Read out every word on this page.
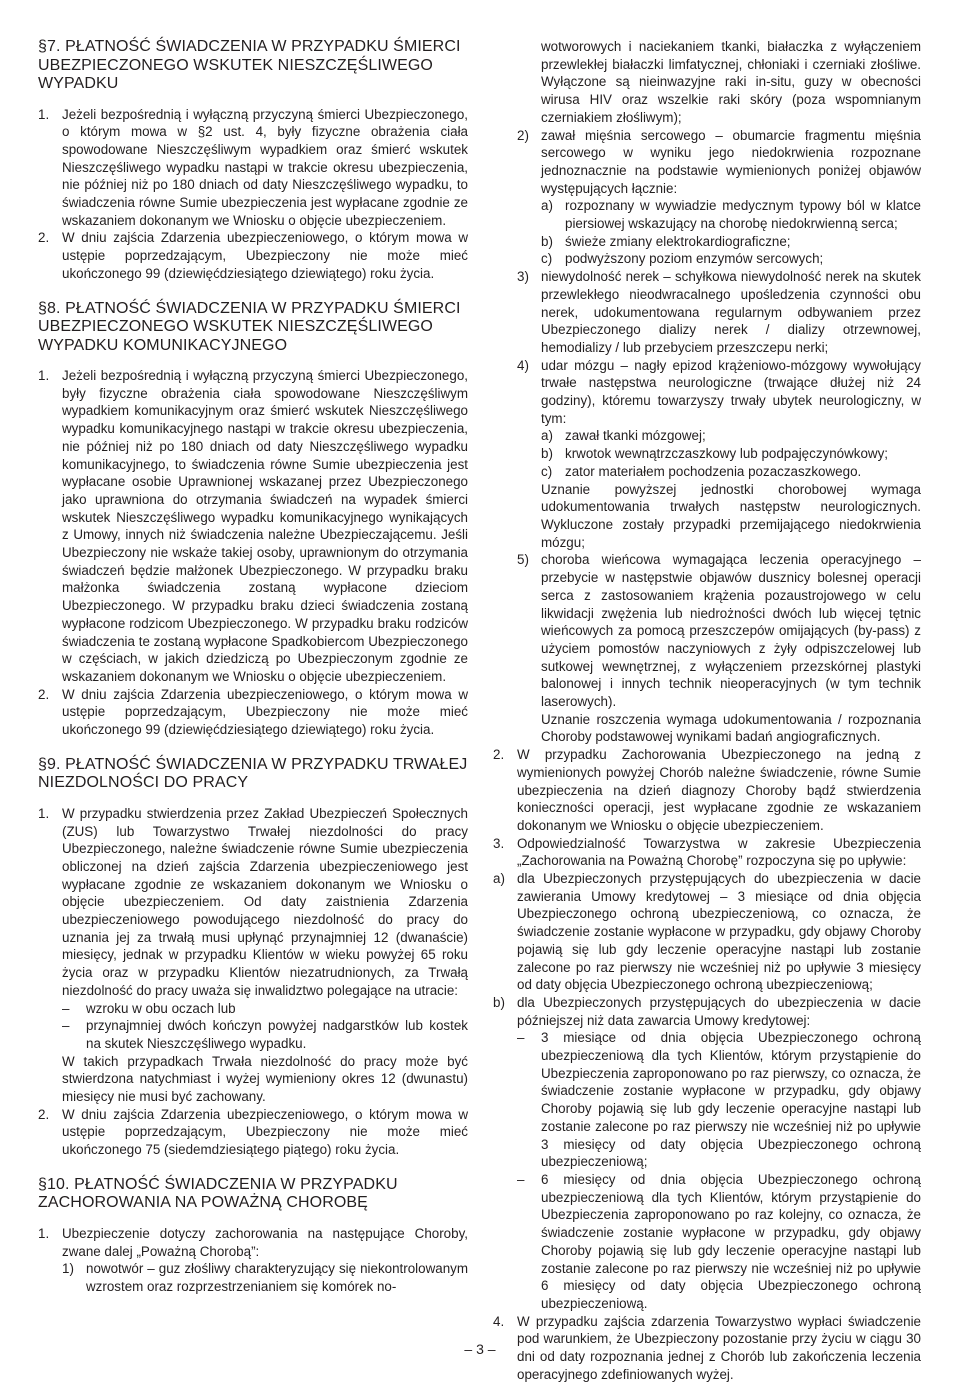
§7. PŁATNOŚĆ ŚWIADCZENIA W PRZYPADKU ŚMIERCI UBEZPIECZONEGO WSKUTEK NIESZCZĘŚLIWEGO WYPADKU
1. Jeżeli bezpośrednią i wyłączną przyczyną śmierci Ubezpieczonego, o którym mowa w §2 ust. 4, były fizyczne obrażenia ciała spowodowane Nieszczęśliwym wypadkiem oraz śmierć wskutek Nieszczęśliwego wypadku nastąpi w trakcie okresu ubezpieczenia, nie później niż po 180 dniach od daty Nieszczęśliwego wypadku, to świadczenia równe Sumie ubezpieczenia jest wypłacane zgodnie ze wskazaniem dokonanym we Wniosku o objęcie ubezpieczeniem.
2. W dniu zajścia Zdarzenia ubezpieczeniowego, o którym mowa w ustępie poprzedzającym, Ubezpieczony nie może mieć ukończonego 99 (dziewięćdziesiątego dziewiątego) roku życia.
§8. PŁATNOŚĆ ŚWIADCZENIA W PRZYPADKU ŚMIERCI UBEZPIECZONEGO WSKUTEK NIESZCZĘŚLIWEGO WYPADKU KOMUNIKACYJNEGO
1. Jeżeli bezpośrednią i wyłączną przyczyną śmierci Ubezpieczonego, były fizyczne obrażenia ciała spowodowane Nieszczęśliwym wypadkiem komunikacyjnym oraz śmierć wskutek Nieszczęśliwego wypadku komunikacyjnego nastąpi w trakcie okresu ubezpieczenia, nie później niż po 180 dniach od daty Nieszczęśliwego wypadku komunikacyjnego, to świadczenia równe Sumie ubezpieczenia jest wypłacane osobie Uprawnionej wskazanej przez Ubezpieczonego jako uprawniona do otrzymania świadczeń na wypadek śmierci wskutek Nieszczęśliwego wypadku komunikacyjnego wynikających z Umowy, innych niż świadczenia należne Ubezpieczającemu. Jeśli Ubezpieczony nie wskaże takiej osoby, uprawnionym do otrzymania świadczeń będzie małżonek Ubezpieczonego. W przypadku braku małżonka świadczenia zostaną wypłacone dzieciom Ubezpieczonego. W przypadku braku dzieci świadczenia zostaną wypłacone rodzicom Ubezpieczonego. W przypadku braku rodziców świadczenia te zostaną wypłacone Spadkobiercom Ubezpieczonego w częściach, w jakich dziedziczą po Ubezpieczonym zgodnie ze wskazaniem dokonanym we Wniosku o objęcie ubezpieczeniem.
2. W dniu zajścia Zdarzenia ubezpieczeniowego, o którym mowa w ustępie poprzedzającym, Ubezpieczony nie może mieć ukończonego 99 (dziewięćdziesiątego dziewiątego) roku życia.
§9. PŁATNOŚĆ ŚWIADCZENIA W PRZYPADKU TRWAŁEJ NIEZDOLNOŚCI DO PRACY
1. W przypadku stwierdzenia przez Zakład Ubezpieczeń Społecznych (ZUS) lub Towarzystwo Trwałej niezdolności do pracy Ubezpieczonego, należne świadczenie równe Sumie ubezpieczenia obliczonej na dzień zajścia Zdarzenia ubezpieczeniowego jest wypłacane zgodnie ze wskazaniem dokonanym we Wniosku o objęcie ubezpieczeniem. Od daty zaistnienia Zdarzenia ubezpieczeniowego powodującego niezdolność do pracy do uznania jej za trwałą musi upłynąć przynajmniej 12 (dwanaście) miesięcy, jednak w przypadku Klientów w wieku powyżej 65 roku życia oraz w przypadku Klientów niezatrudnionych, za Trwałą niezdolność do pracy uważa się inwalidztwo polegające na utracie:
– wzroku w obu oczach lub
– przynajmniej dwóch kończyn powyżej nadgarstków lub kostek na skutek Nieszczęśliwego wypadku.
W takich przypadkach Trwała niezdolność do pracy może być stwierdzona natychmiast i wyżej wymieniony okres 12 (dwunastu) miesięcy nie musi być zachowany.
2. W dniu zajścia Zdarzenia ubezpieczeniowego, o którym mowa w ustępie poprzedzającym, Ubezpieczony nie może mieć ukończonego 75 (siedemdziesiątego piątego) roku życia.
§10. PŁATNOŚĆ ŚWIADCZENIA W PRZYPADKU ZACHOROWANIA NA POWAŻNĄ CHOROBĘ
1. Ubezpieczenie dotyczy zachorowania na następujące Choroby, zwane dalej „Poważną Chorobą”:
1) nowotwór – guz złośliwy charakteryzujący się niekontrolowanym wzrostem oraz rozprzestrzenianiem się komórek no-
wotworowych i naciekaniem tkanki, białaczka z wyłączeniem przewlekłej białaczki limfatycznej, chłoniaki i czerniaki złośliwe. Wyłączone są nieinwazyjne raki in-situ, guzy w obecności wirusa HIV oraz wszelkie raki skóry (poza wspomnianym czerniakiem złośliwym);
2) zawał mięśnia sercowego – obumarcie fragmentu mięśnia sercowego w wyniku jego niedokrwienia rozpoznane jednoznacznie na podstawie wymienionych poniżej objawów występujących łącznie:
a) rozpoznany w wywiadzie medycznym typowy ból w klatce piersiowej wskazujący na chorobę niedokrwienną serca;
b) świeże zmiany elektrokardiograficzne;
c) podwyższony poziom enzymów sercowych;
3) niewydolność nerek – schyłkowa niewydolność nerek na skutek przewlekłego nieodwracalnego upośledzenia czynności obu nerek, udokumentowana regularnym odbywaniem przez Ubezpieczonego dializy nerek / dializy otrzewnowej, hemodializy / lub przebyciem przeszczepu nerki;
4) udar mózgu – nagły epizod krążeniowo-mózgowy wywołujący trwałe następstwa neurologiczne (trwające dłużej niż 24 godziny), któremu towarzyszy trwały ubytek neurologiczny, w tym:
a) zawał tkanki mózgowej;
b) krwotok wewnątrzczaszkowy lub podpajęczynówkowy;
c) zator materiałem pochodzenia pozaczaszkowego.
Uznanie powyższej jednostki chorobowej wymaga udokumentowania trwałych następstw neurologicznych. Wykluczone zostały przypadki przemijającego niedokrwienia mózgu;
5) choroba wieńcowa wymagająca leczenia operacyjnego – przebycie w następstwie objawów dusznicy bolesnej operacji serca z zastosowaniem krążenia pozaustrojowego w celu likwidacji zwężenia lub niedrożności dwóch lub więcej tętnic wieńcowych za pomocą przeszczepów omijających (by-pass) z użyciem pomostów naczyniowych z żyły odpiszczelowej lub sutkowej wewnętrznej, z wyłączeniem przezskórnej plastyki balonowej i innych technik nieoperacyjnych (w tym technik laserowych).
Uznanie roszczenia wymaga udokumentowania / rozpoznania Choroby podstawowej wynikami badań angiograficznych.
2. W przypadku Zachorowania Ubezpieczonego na jedną z wymienionych powyżej Chorób należne świadczenie, równe Sumie ubezpieczenia na dzień diagnozy Choroby bądź stwierdzenia konieczności operacji, jest wypłacane zgodnie ze wskazaniem dokonanym we Wniosku o objęcie ubezpieczeniem.
3. Odpowiedzialność Towarzystwa w zakresie Ubezpieczenia „Zachorowania na Poważną Chorobę” rozpoczyna się po upływie:
a) dla Ubezpieczonych przystępujących do ubezpieczenia w dacie zawierania Umowy kredytowej – 3 miesiące od dnia objęcia Ubezpieczonego ochroną ubezpieczeniową, co oznacza, że świadczenie zostanie wypłacone w przypadku, gdy objawy Choroby pojawią się lub gdy leczenie operacyjne nastąpi lub zostanie zalecone po raz pierwszy nie wcześniej niż po upływie 3 miesięcy od daty objęcia Ubezpieczonego ochroną ubezpieczeniową;
b) dla Ubezpieczonych przystępujących do ubezpieczenia w dacie późniejszej niż data zawarcia Umowy kredytowej:
– 3 miesiące od dnia objęcia Ubezpieczonego ochroną ubezpieczeniową dla tych Klientów, którym przystąpienie do Ubezpieczenia zaproponowano po raz pierwszy, co oznacza, że świadczenie zostanie wypłacone w przypadku, gdy objawy Choroby pojawią się lub gdy leczenie operacyjne nastąpi lub zostanie zalecone po raz pierwszy nie wcześniej niż po upływie 3 miesięcy od daty objęcia Ubezpieczonego ochroną ubezpieczeniową;
– 6 miesięcy od dnia objęcia Ubezpieczonego ochroną ubezpieczeniową dla tych Klientów, którym przystąpienie do Ubezpieczenia zaproponowano po raz kolejny, co oznacza, że świadczenie zostanie wypłacone w przypadku, gdy objawy Choroby pojawią się lub gdy leczenie operacyjne nastąpi lub zostanie zalecone po raz pierwszy nie wcześniej niż po upływie 6 miesięcy od daty objęcia Ubezpieczonego ochroną ubezpieczeniową.
4. W przypadku zajścia zdarzenia Towarzystwo wypłaci świadczenie pod warunkiem, że Ubezpieczony pozostanie przy życiu w ciągu 30 dni od daty rozpoznania jednej z Chorób lub zakończenia leczenia operacyjnego zdefiniowanych wyżej.
– 3 –
